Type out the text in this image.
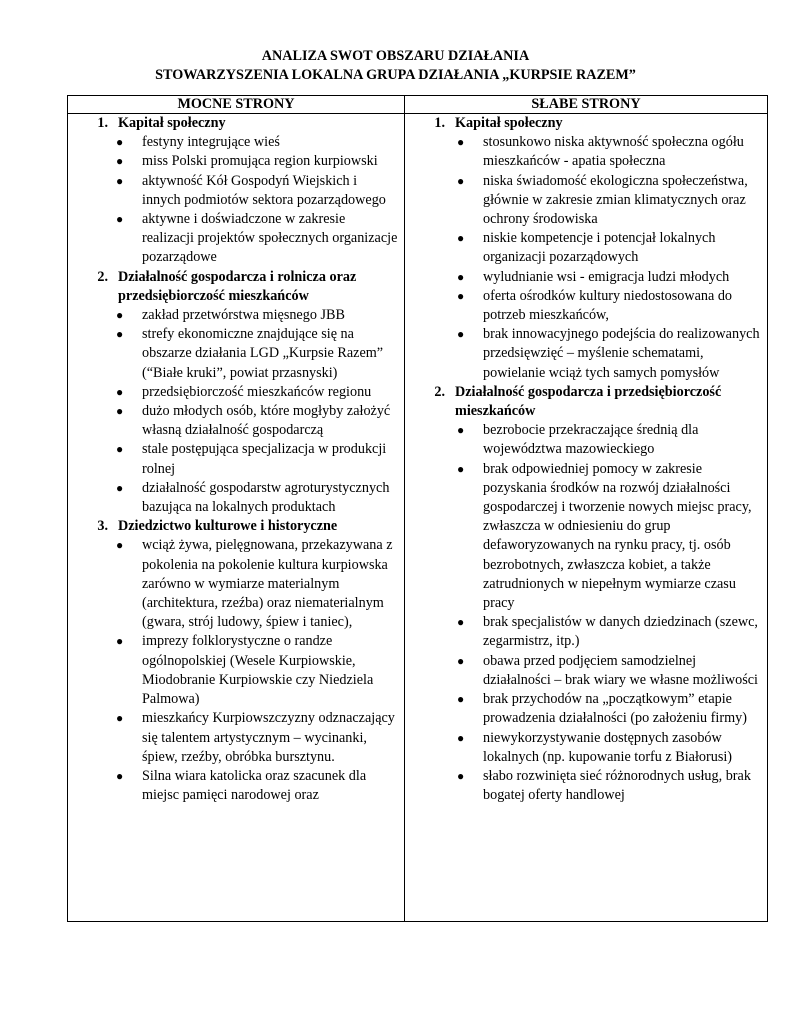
ANALIZA SWOT OBSZARU DZIAŁANIA
STOWARZYSZENIA LOKALNA GRUPA DZIAŁANIA „KURPSIE RAZEM”
MOCNE STRONY	SŁABE STRONY
1. Kapitał społeczny
● festyny integrujące wieś
● miss Polski promująca region kurpiowski
● aktywność Kół Gospodyń Wiejskich i innych podmiotów sektora pozarządowego
● aktywne i doświadczone w zakresie realizacji projektów społecznych organizacje pozarządowe
2. Działalność gospodarcza i rolnicza oraz przedsiębiorczość mieszkańców
● zakład przetwórstwa mięsnego JBB
● strefy ekonomiczne znajdujące się na obszarze działania LGD „Kurpsie Razem” (“Białe kruki”, powiat przasnyski)
● przedsiębiorczość mieszkańców regionu
● dużo młodych osób, które mogłyby założyć własną działalność gospodarczą
● stale postępująca specjalizacja w produkcji rolnej
● działalność gospodarstw agroturystycznych bazująca na lokalnych produktach
3. Dziedzictwo kulturowe i historyczne
● wciąż żywa, pielęgnowana, przekazywana z pokolenia na pokolenie kultura kurpiowska zarówno w wymiarze materialnym (architektura, rzeźba) oraz niematerialnym (gwara, strój ludowy, śpiew i taniec),
● imprezy folklorystyczne o randze ogólnopolskiej (Wesele Kurpiowskie, Miodobranie Kurpiowskie czy Niedziela Palmowa)
● mieszkańcy Kurpiowszczyzny odznaczający się talentem artystycznym – wycinanki, śpiew, rzeźby, obróbka bursztynu.
● Silna wiara katolicka oraz szacunek dla miejsc pamięci narodowej oraz
1. Kapitał społeczny
● stosunkowo niska aktywność społeczna ogółu mieszkańców - apatia społeczna
● niska świadomość ekologiczna społeczeństwa, głównie w zakresie zmian klimatycznych oraz ochrony środowiska
● niskie kompetencje i potencjał lokalnych organizacji pozarządowych
● wyludnianie wsi - emigracja ludzi młodych
● oferta ośrodków kultury niedostosowana do potrzeb mieszkańców,
● brak innowacyjnego podejścia do realizowanych przedsięwzięć – myślenie schematami, powielanie wciąż tych samych pomysłów
2. Działalność gospodarcza i przedsiębiorczość mieszkańców
● bezrobocie przekraczające średnią dla województwa mazowieckiego
● brak odpowiedniej pomocy w zakresie pozyskania środków na rozwój działalności gospodarczej i tworzenie nowych miejsc pracy, zwłaszcza w odniesieniu do grup defaworyzowanych na rynku pracy, tj. osób bezrobotnych, zwłaszcza kobiet, a także zatrudnionych w niepełnym wymiarze czasu pracy
● brak specjalistów w danych dziedzinach (szewc, zegarmistrz, itp.)
● obawa przed podjęciem samodzielnej działalności – brak wiary we własne możliwości
● brak przychodów na „początkowym” etapie prowadzenia działalności (po założeniu firmy)
● niewykorzystywanie dostępnych zasobów lokalnych (np. kupowanie torfu z Białorusi)
● słabo rozwinięta sieć różnorodnych usług, brak bogatej oferty handlowej
